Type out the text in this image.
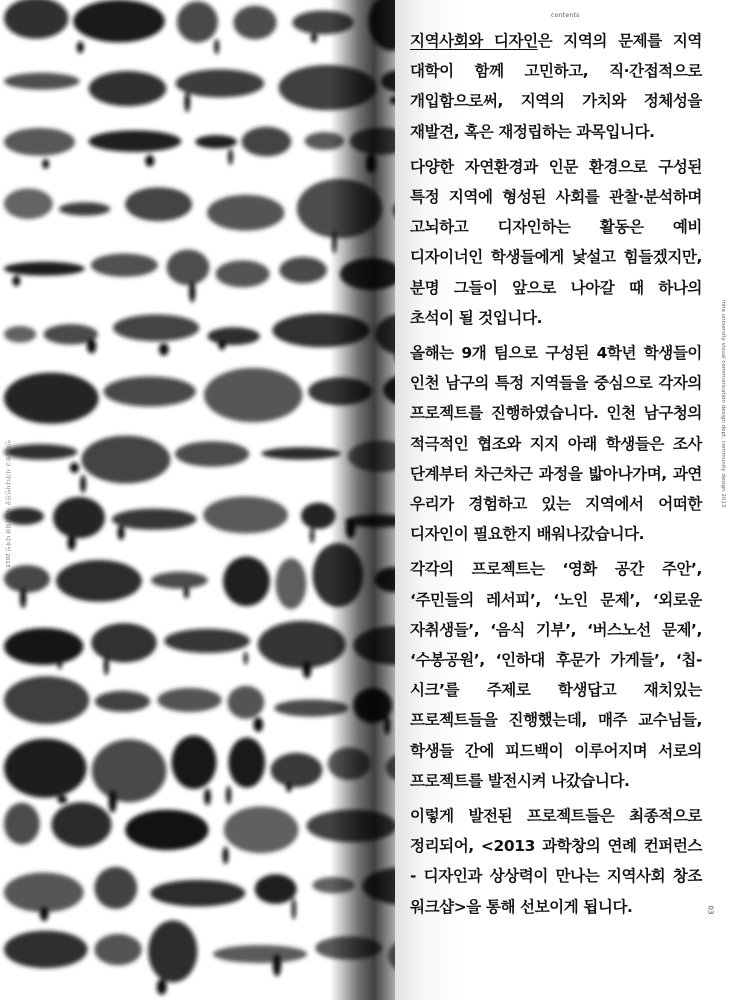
contents

지역사회와 디자인은 지역의 문제를 지역 대학이 함께 고민하고, 직·간접적으로 개입함으로써, 지역의 가치와 정체성을 재발견, 혹은 재정립하는 과목입니다.

다양한 자연환경과 인문 환경으로 구성된 특정 지역에 형성된 사회를 관찰·분석하며 고뇌하고 디자인하는 활동은 예비 디자이너인 학생들에게 낯설고 힘들겠지만, 분명 그들이 앞으로 나아갈 때 하나의 초석이 될 것입니다.

올해는 9개 팀으로 구성된 4학년 학생들이 인천 남구의 특정 지역들을 중심으로 각자의 프로젝트를 진행하였습니다. 인천 남구청의 적극적인 협조와 지지 아래 학생들은 조사 단계부터 차근차근 과정을 밟아나가며, 과연 우리가 경험하고 있는 지역에서 어떠한 디자인이 필요한지 배워나갔습니다.

각각의 프로젝트는 ‘영화 공간 주안’, ‘주민들의 레서피’, ‘노인 문제’, ‘외로운 자취생들’, ‘음식 기부’, ‘버스노선 문제’, ‘수봉공원’, ‘인하대 후문가 가게들’, ‘칩-시크’를 주제로 학생답고 재치있는 프로젝트들을 진행했는데, 매주 교수님들, 학생들 간에 피드백이 이루어지며 서로의 프로젝트를 발전시켜 나갔습니다.

이렇게 발전된 프로젝트들은 최종적으로 정리되어, <2013 과학창의 연례 컨퍼런스 - 디자인과 상상력이 만나는 지역사회 창조 워크샵>을 통해 선보이게 됩니다.

inha university visual communication design dept. community design 2013
인하대학교 시각디자인전공 지역사회와 디자인 2013
03
